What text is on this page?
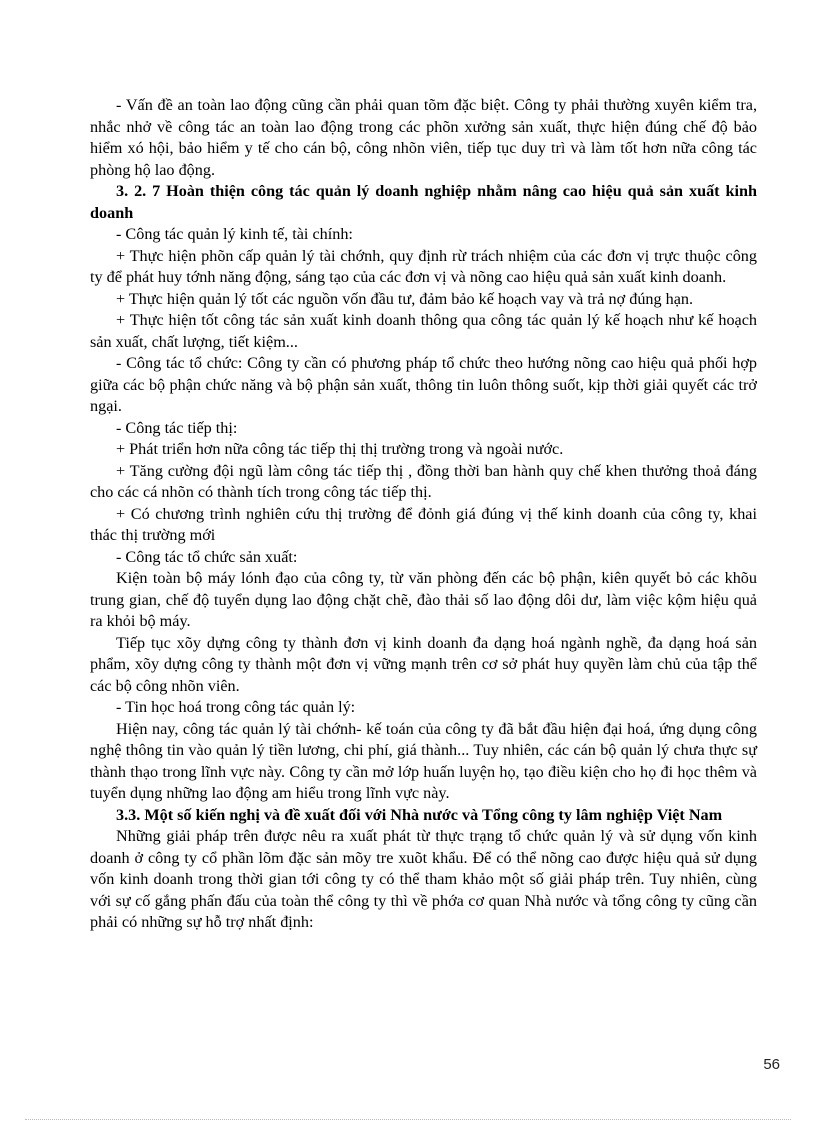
- Vấn đề an toàn lao động cũng cần phải quan tõm đặc biệt. Công ty phải thường xuyên kiểm tra, nhắc nhở về công tác an toàn lao động trong các phõn xưởng sản xuất, thực hiện đúng chế độ bảo hiểm xó hội, bảo hiểm y tế cho cán bộ, công nhõn viên, tiếp tục duy trì và làm tốt hơn nữa công tác phòng hộ lao động.

3. 2. 7 Hoàn thiện công tác quản lý doanh nghiệp nhằm nâng cao hiệu quả sản xuất kinh doanh

- Công tác quản lý kinh tế, tài chính:

+ Thực hiện phõn cấp quản lý tài chớnh, quy định rừ trách nhiệm của các đơn vị trực thuộc công ty để phát huy tớnh năng động, sáng tạo của các đơn vị và nõng cao hiệu quả sản xuất kinh doanh.

+ Thực hiện quản lý tốt các nguồn vốn đầu tư, đảm bảo kế hoạch vay và trả nợ đúng hạn.

+ Thực hiện tốt công tác sản xuất kinh doanh thông qua công tác quản lý kế hoạch như kế hoạch sản xuất, chất lượng, tiết kiệm...

- Công tác tổ chức: Công ty cần có phương pháp tổ chức theo hướng nõng cao hiệu quả phối hợp giữa các bộ phận chức năng và bộ phận sản xuất, thông tin luôn thông suốt, kịp thời giải quyết các trở ngại.

- Công tác tiếp thị:

+ Phát triển hơn nữa công tác tiếp thị thị trường trong và ngoài nước.

+ Tăng cường đội ngũ làm công tác tiếp thị , đồng thời ban hành quy chế khen thưởng thoả đáng cho các cá nhõn có thành tích trong công tác tiếp thị.

+ Có chương trình nghiên cứu thị trường để đỏnh giá đúng vị thế kinh doanh của công ty, khai thác thị trường mới

- Công tác tổ chức sản xuất:

Kiện toàn bộ máy lónh đạo của công ty, từ văn phòng đến các bộ phận, kiên quyết bỏ các khõu trung gian, chế độ tuyển dụng lao động chặt chẽ, đào thải số lao động dôi dư, làm việc kộm hiệu quả ra khỏi bộ máy.

Tiếp tục xõy dựng công ty thành đơn vị kinh doanh đa dạng hoá ngành nghề, đa dạng hoá sản phẩm, xõy dựng công ty thành một đơn vị vững mạnh trên cơ sở phát huy quyền làm chủ của tập thể các bộ công nhõn viên.

- Tin học hoá trong công tác quản lý:

Hiện nay, công tác quản lý tài chớnh- kế toán của công ty đã bắt đầu hiện đại hoá, ứng dụng công nghệ thông tin vào quản lý tiền lương, chi phí, giá thành... Tuy nhiên, các cán bộ quản lý chưa thực sự thành thạo trong lĩnh vực này. Công ty cần mở lớp huấn luyện họ, tạo điều kiện cho họ đi học thêm và tuyển dụng những lao động am hiểu trong lĩnh vực này.

3.3. Một số kiến nghị và đề xuất đối với Nhà nước và Tổng công ty lâm nghiệp Việt Nam

Những giải pháp trên được nêu ra xuất phát từ thực trạng tổ chức quản lý và sử dụng vốn kinh doanh ở công ty cổ phần lõm đặc sản mõy tre xuõt khẩu. Để có thể nõng cao được hiệu quả sử dụng vốn kinh doanh trong thời gian tới công ty có thể tham khảo một số giải pháp trên. Tuy nhiên, cùng với sự cố gắng phấn đấu của toàn thể công ty thì về phớa cơ quan Nhà nước và tổng công ty cũng cần phải có những sự hỗ trợ nhất định:

56
